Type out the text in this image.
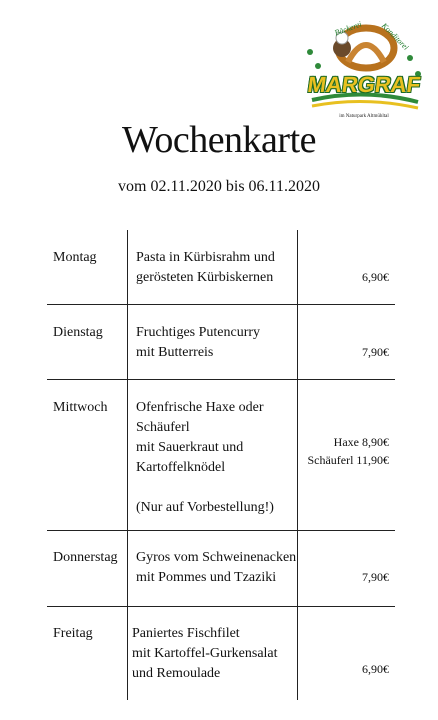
MARGRAF
im Naturpark Altmühltal
Bäckerei Konditorei
Wochenkarte
vom 02.11.2020 bis 06.11.2020
Montag	Pasta in Kürbisrahm und
gerösteten Kürbiskernen	6,90€
Dienstag Fruchtiges Putencurry
mit Butterreis	7,90€
Mittwoch Ofenfrische Haxe oder
Schäuferl
mit Sauerkraut und
Kartoffelknödel

(Nur auf Vorbestellung!)
Haxe 8,90€
Schäuferl 11,90€
Donnerstag Gyros vom Schweinenacken
mit Pommes und Tzaziki	7,90€
Freitag	Paniertes Fischfilet
mit Kartoffel-Gurkensalat
und Remoulade	6,90€
